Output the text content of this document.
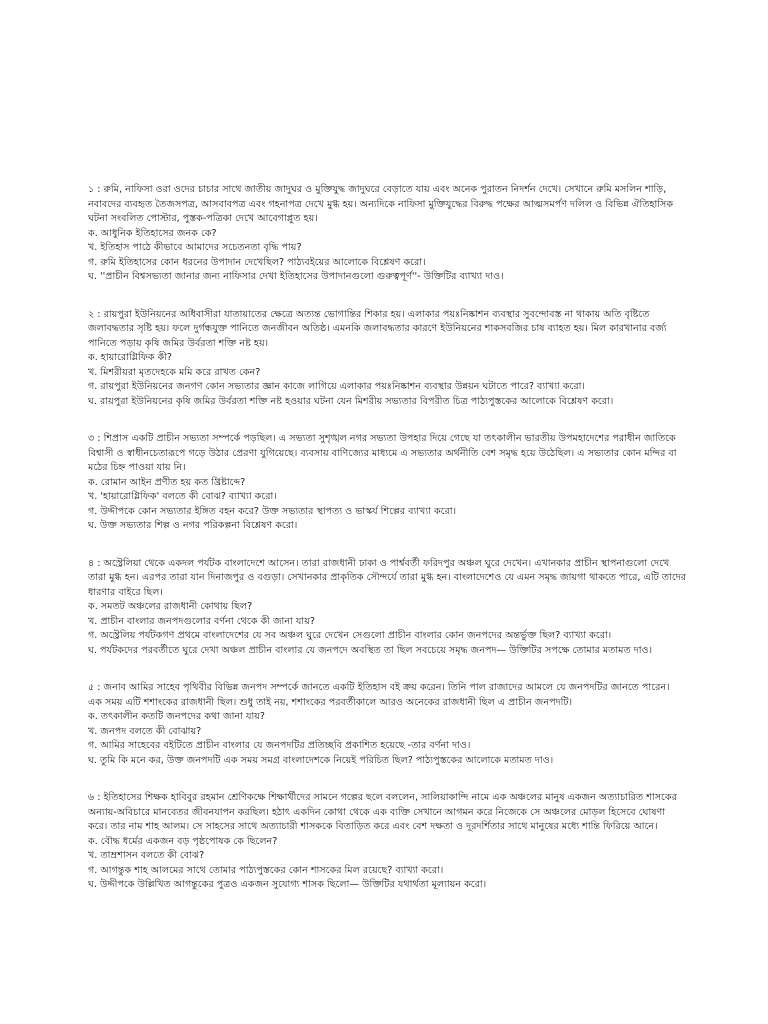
১ : রুমি, নাফিসা ওরা ওদের চাচার সাথে জাতীয় জাদুঘর ও মুক্তিযুদ্ধ জাদুঘরে বেড়াতে যায় এবং অনেক পুরাতন নিদর্শন দেখে। সেখানে রুমি মসলিন শাড়ি, নবাবদের ব্যবহৃত তৈজসপত্র, আসবাবপত্র এবং গহনাপত্র দেখে মুগ্ধ হয়। অন্যদিকে নাফিসা মুক্তিযুদ্ধের বিরুদ্ধ পক্ষের আত্মসমর্পণ দলিল ও বিভিন্ন ঐতিহাসিক ঘটনা সংবলিত পোস্টার, পুস্তক-পত্রিকা দেখে আবেগাপ্লুত হয়।

ক. আধুনিক ইতিহাসের জনক কে?

খ. ইতিহাস পাঠে কীভাবে আমাদের সচেতনতা বৃদ্ধি পায়?

গ. রুমি ইতিহাসের কোন ধরনের উপাদান দেখেছিল? পাঠ্যবইয়ের আলোকে বিশ্লেষণ করো।

ঘ. ''প্রাচীন বিশ্বসভ্যতা জানার জন্য নাফিসার দেখা ইতিহাসের উপাদানগুলো গুরুত্বপূর্ণ''- উক্তিটির ব্যাখ্যা দাও।

২ : রায়পুরা ইউনিয়নের অধিবাসীরা যাতায়াতের ক্ষেত্রে অত্যন্ত ভোগান্তির শিকার হয়। এলাকার পয়ঃনিষ্কাশন ব্যবস্থার সুবন্দোবস্ত না থাকায় অতি বৃষ্টিতে জলাবদ্ধতার সৃষ্টি হয়। ফলে দুর্গন্ধযুক্ত পানিতে জনজীবন অতিষ্ঠ। এমনকি জলাবদ্ধতার কারণে ইউনিয়নের শাকসবজির চাষ ব্যাহত হয়। মিল কারখানার বর্জ্য পানিতে পড়ায় কৃষি জমির উর্বরতা শক্তি নষ্ট হয়।

ক. হায়ারোগ্লিফিক কী?

খ. মিশরীয়রা মৃতদেহকে মমি করে রাখত কেন?

গ. রায়পুরা ইউনিয়নের জনগণ কোন সভ্যতার জ্ঞান কাজে লাগিয়ে এলাকার পয়ঃনিষ্কাশন ব্যবস্থার উন্নয়ন ঘটাতে পারে? ব্যাখ্যা করো।

ঘ. রায়পুরা ইউনিয়নের কৃষি জমির উর্বরতা শক্তি নষ্ট হওয়ার ঘটনা যেন মিশরীয় সভ্যতার বিপরীত চিত্র পাঠ্যপুস্তকের আলোকে বিশ্লেষণ করো।

৩ : শিপ্রাস একটি প্রাচীন সভ্যতা সম্পর্কে পড়ছিল। এ সভ্যতা সুশৃঙ্খল নগর সভ্যতা উপহার দিয়ে গেছে যা তৎকালীন ভারতীয় উপমহাদেশের পরাধীন জাতিকে বিশ্বাসী ও স্বাধীনচেতারূপে গড়ে উঠার প্রেরণা যুগিয়েছে। ব্যবসায় বাণিজ্যের মাধ্যমে এ সভ্যতার অর্থনীতি বেশ সমৃদ্ধ হয়ে উঠেছিল। এ সভ্যতার কোন মন্দির বা মঠের চিহ্ন পাওয়া যায় নি।

ক. রোমান আইন প্রণীত হয় কত খ্রিষ্টাব্দে?

খ. 'হায়ারোগ্লিফিক' বলতে কী বোঝ? ব্যাখ্যা করো।

গ. উদ্দীপকে কোন সভ্যতার ইঙ্গিত বহন করে? উক্ত সভ্যতার স্থাপত্য ও ভাস্কর্য শিল্পের ব্যাখ্যা করো।

ঘ. উক্ত সভ্যতার শিল্প ও নগর পরিকল্পনা বিশ্লেষণ করো।

৪ : অস্ট্রেলিয়া থেকে একদল পর্যটক বাংলাদেশে আসেন। তারা রাজধানী ঢাকা ও পার্শ্ববর্তী ফরিদপুর অঞ্চল ঘুরে দেখেন। এখানকার প্রাচীন স্থাপনাগুলো দেখে তারা মুগ্ধ হন। এরপর তারা যান দিনাজপুর ও বগুড়া। সেখানকার প্রাকৃতিক সৌন্দর্যে তারা মুগ্ধ হন। বাংলাদেশেও যে এমন সমৃদ্ধ জায়গা থাকতে পারে, এটি তাদের ধারণার বাইরে ছিল।

ক. সমতট অঞ্চলের রাজধানী কোথায় ছিল?

খ. প্রাচীন বাংলার জনপদগুলোর বর্ণনা থেকে কী জানা যায়?

গ. অস্ট্রেলিয় পর্যটকগণ প্রথমে বাংলাদেশের যে সব অঞ্চল ঘুরে দেখেন সেগুলো প্রাচীন বাংলার কোন জনপদের অন্তর্ভুক্ত ছিল? ব্যাখ্যা করো।

ঘ. পর্যটকদের পরবর্তীতে ঘুরে দেখা অঞ্চল প্রাচীন বাংলার যে জনপদে অবস্থিত তা ছিল সবচেয়ে সমৃদ্ধ জনপদ— উক্তিটির সপক্ষে তোমার মতামত দাও।

৫ : জনাব আমির সাহেব পৃথিবীর বিভিন্ন জনপদ সম্পর্কে জানতে একটি ইতিহাস বই ক্রয় করেন। তিনি পাল রাজাদের আমলে যে জনপদটির জানতে পারেন। এক সময় এটি শশাংকের রাজধানী ছিল। শুধু তাই নয়, শশাংকের পরবর্তীকালে আরও অনেকের রাজধানী ছিল এ প্রাচীন জনপদটি।

ক. তৎকালীন কতটি জনপদের কথা জানা যায়?

খ. জনপদ বলতে কী বোঝায়?

গ. আমির সাহেবের বইটিতে প্রাচীন বাংলার যে জনপদটির প্রতিচ্ছবি প্রকাশিত হয়েছে -তার বর্ণনা দাও।

ঘ. তুমি কি মনে কর, উক্ত জনপদটি এক সময় সমগ্র বাংলাদেশকে নিয়েই পরিচিত ছিল? পাঠ্যপুস্তকের আলোকে মতামত দাও।

৬ : ইতিহাসের শিক্ষক হাবিবুর রহমান শ্রেণিকক্ষে শিক্ষার্থীদের সামনে গল্পের ছলে বললেন, সালিয়াকান্দি নামে এক অঞ্চলের মানুষ একজন অত্যাচারিত শাসকের অন্যায়-অবিচারে মানবেতর জীবনযাপন করছিল। হঠাৎ একদিন কোথা থেকে এক ব্যক্তি সেখানে আগমন করে নিজেকে সে অঞ্চলের মোড়ল হিসেবে ঘোষণা করে। তার নাম শাহ আলম। সে সাহসের সাথে অত্যাচারী শাসককে বিতাড়িত করে এবং বেশ দক্ষতা ও দূরদর্শিতার সাথে মানুষের মধ্যে শান্তি ফিরিয়ে আনে।

ক. বৌদ্ধ ধর্মের একজন বড় পৃষ্ঠপোষক কে ছিলেন?

খ. তাম্রশাসন বলতে কী বোঝ?

গ. আগন্তুক শাহ আলমের সাথে তোমার পাঠ্যপুস্তকের কোন শাসকের মিল রয়েছে? ব্যাখ্যা করো।

ঘ. উদ্দীপকে উল্লিখিত আগন্তুকের পুত্রও একজন সুযোগ্য শাসক ছিলো— উক্তিটির যথার্থতা মূল্যায়ন করো।
